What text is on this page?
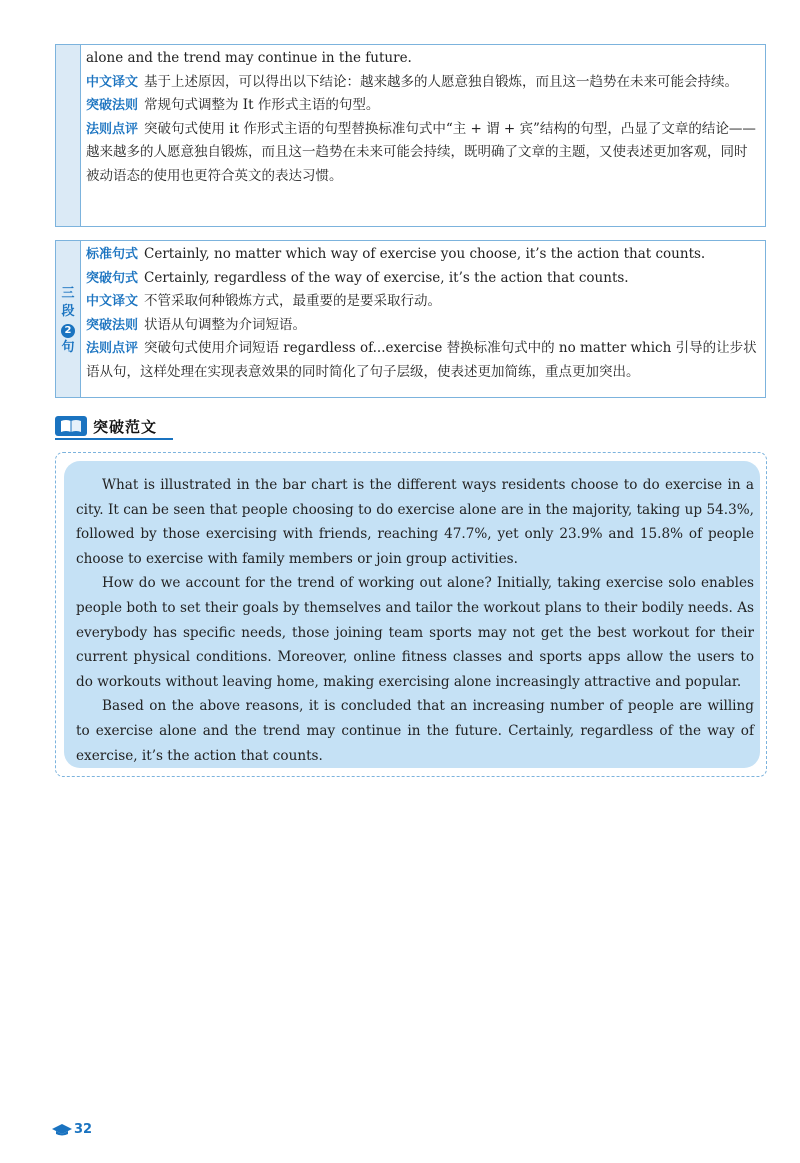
alone and the trend may continue in the future.

中文译文 基于上述原因，可以得出以下结论：越来越多的人愿意独自锻炼，而且这一趋势在未来可能会持续。

突破法则 常规句式调整为 It 作形式主语的句型。

法则点评 突破句式使用 it 作形式主语的句型替换标准句式中“主 + 谓 + 宾”结构的句型，凸显了文章的结论——越来越多的人愿意独自锻炼，而且这一趋势在未来可能会持续，既明确了文章的主题，又使表述更加客观，同时被动语态的使用也更符合英文的表达习惯。

三
段
2
句

标准句式 Certainly, no matter which way of exercise you choose, it’s the action that counts.

突破句式 Certainly, regardless of the way of exercise, it’s the action that counts.

中文译文 不管采取何种锻炼方式，最重要的是要采取行动。

突破法则 状语从句调整为介词短语。

法则点评 突破句式使用介词短语 regardless of...exercise 替换标准句式中的 no matter which 引导的让步状语从句，这样处理在实现表意效果的同时简化了句子层级，使表述更加简练，重点更加突出。

突破范文

What is illustrated in the bar chart is the different ways residents choose to do exercise in a city. It can be seen that people choosing to do exercise alone are in the majority, taking up 54.3%, followed by those exercising with friends, reaching 47.7%, yet only 23.9% and 15.8% of people choose to exercise with family members or join group activities.

How do we account for the trend of working out alone? Initially, taking exercise solo enables people both to set their goals by themselves and tailor the workout plans to their bodily needs. As everybody has specific needs, those joining team sports may not get the best workout for their current physical conditions. Moreover, online fitness classes and sports apps allow the users to do workouts without leaving home, making exercising alone increasingly attractive and popular.

Based on the above reasons, it is concluded that an increasing number of people are willing to exercise alone and the trend may continue in the future. Certainly, regardless of the way of exercise, it’s the action that counts.

32
